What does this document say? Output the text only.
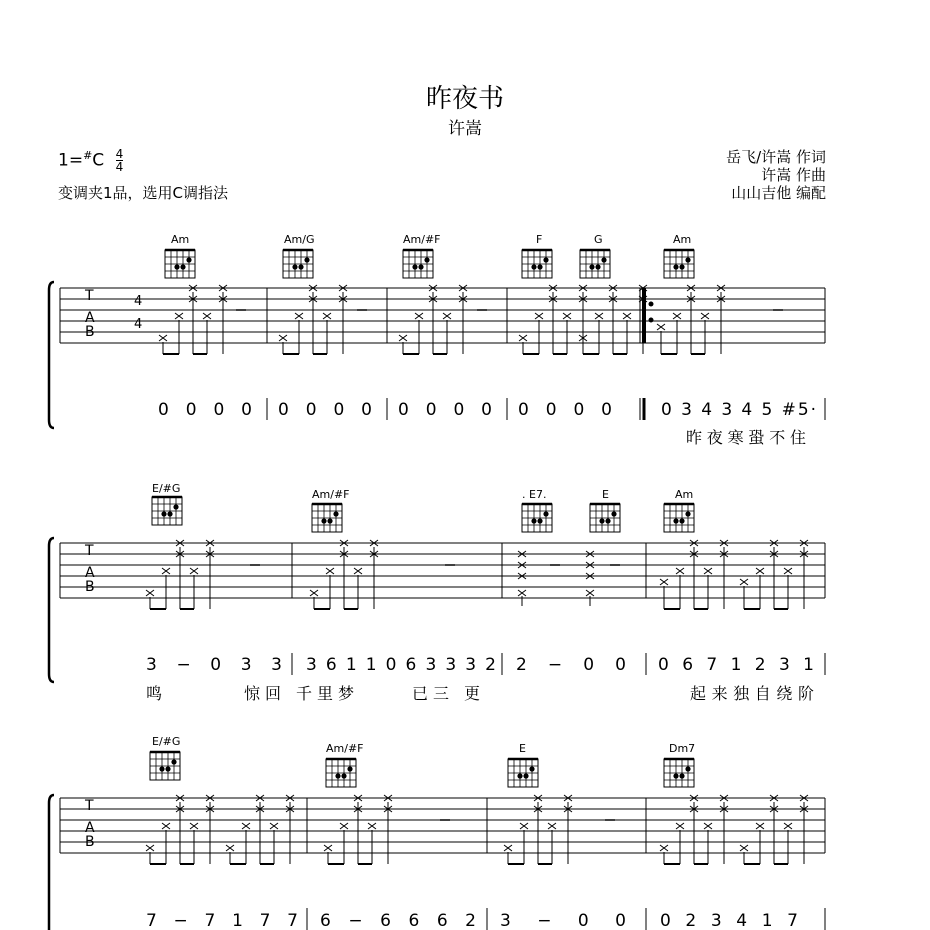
昨夜书
许嵩
$1=^{\#}C \frac{4}{4}$
变调夹1品，选用C调指法
岳飞/许嵩 作词
许嵩 作曲
山山吉他 编配
T
A
B
4
4
Am	Am/G	Am/#F	F	G	Am
0 0 0 0 0 0 0 0 0 0 0 0 0 0 0 0	0 3 4 3 4 5 #5·
昨夜寒蛩不住
T
A
B
E/#G	Am/#F	. E7.	E	Am
3 − 0 3 3 3 6 1 1 0 6 3 3 3 2 2 − 0 0 0 6 7 1 2 3 1
鸣	惊回 千里梦	已三 更	起来独自绕阶
T
A
B
E/#G
Am/#F	E	Dm7
7 − 7 1 7 7 6 − 6 6 6 2 3 − 0 0 0 2 3 4 1 7
